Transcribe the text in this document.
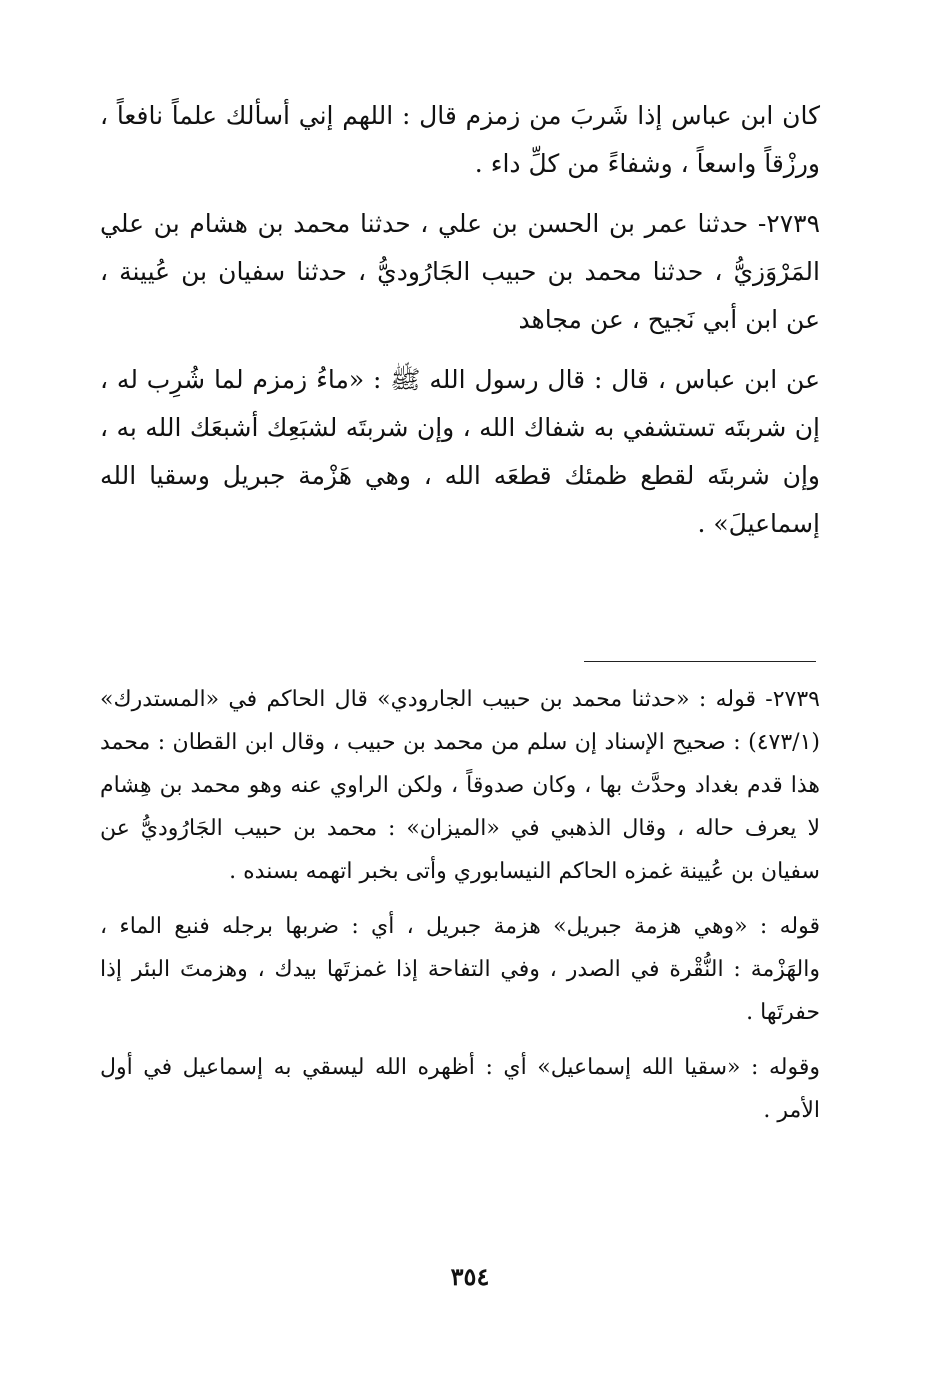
كان ابن عباس إذا شَربَ من زمزم قال : اللهم إني أسألك علماً نافعاً ، ورزْقاً واسعاً ، وشفاءً من كلِّ داء .

٢٧٣٩- حدثنا عمر بن الحسن بن علي ، حدثنا محمد بن هشام بن علي المَرْوَزيُّ ، حدثنا محمد بن حبيب الجَارُوديُّ ، حدثنا سفيان بن عُيينة ، عن ابن أبي نَجيح ، عن مجاهد

عن ابن عباس ، قال : قال رسول الله ﷺ : «ماءُ زمزم لما شُرِب له ، إن شربتَه تستشفي به شفاك الله ، وإن شربتَه لشبَعِك أشبعَك الله به ، وإن شربتَه لقطع ظمئك قطعَه الله ، وهي هَزْمة جبريل وسقيا الله إسماعيلَ» .

٢٧٣٩- قوله : «حدثنا محمد بن حبيب الجارودي» قال الحاكم في «المستدرك» (٤٧٣/١) : صحيح الإسناد إن سلم من محمد بن حبيب ، وقال ابن القطان : محمد هذا قدم بغداد وحدَّث بها ، وكان صدوقاً ، ولكن الراوي عنه وهو محمد بن هِشام لا يعرف حاله ، وقال الذهبي في «الميزان» : محمد بن حبيب الجَارُوديُّ عن سفيان بن عُيينة غمزه الحاكم النيسابوري وأتى بخبر اتهمه بسنده .

قوله : «وهي هزمة جبريل» هزمة جبريل ، أي : ضربها برجله فنبع الماء ، والهَزْمة : النُّقْرة في الصدر ، وفي التفاحة إذا غمزتَها بيدك ، وهزمتَ البئر إذا حفرتَها .

وقوله : «سقيا الله إسماعيل» أي : أظهره الله ليسقي به إسماعيل في أول الأمر .

٣٥٤
